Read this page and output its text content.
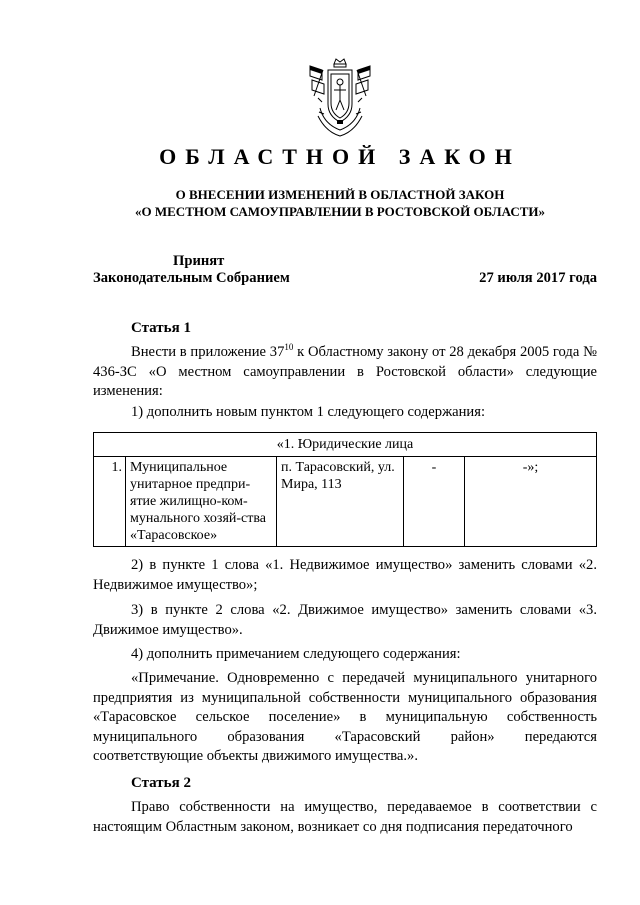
ОБЛАСТНОЙ ЗАКОН
О ВНЕСЕНИИ ИЗМЕНЕНИЙ В ОБЛАСТНОЙ ЗАКОН
«О МЕСТНОМ САМОУПРАВЛЕНИИ В РОСТОВСКОЙ ОБЛАСТИ»
Принят
Законодательным Собранием	27 июля 2017 года
Статья 1
Внести в приложение $37^{10}$ к Областному закону от 28 декабря 2005 года № 436-ЗС «О местном самоуправлении в Ростовской области» следующие изменения:
1) дополнить новым пунктом 1 следующего содержания:
«1. Юридические лица
1.	Муниципальное унитарное предпри-ятие жилищно-ком-мунального хозяй-ства «Тарасовское»	п. Тарасовский, ул. Мира, 113	-	-»;
2) в пункте 1 слова «1. Недвижимое имущество» заменить словами «2. Недвижимое имущество»;
3) в пункте 2 слова «2. Движимое имущество» заменить словами «3. Движимое имущество».
4) дополнить примечанием следующего содержания:
«Примечание. Одновременно с передачей муниципального унитарного предприятия из муниципальной собственности муниципального образования «Тарасовское сельское поселение» в муниципальную собственность муниципального образования «Тарасовский район» передаются соответствующие объекты движимого имущества.».
Статья 2
Право собственности на имущество, передаваемое в соответствии с настоящим Областным законом, возникает со дня подписания передаточного
